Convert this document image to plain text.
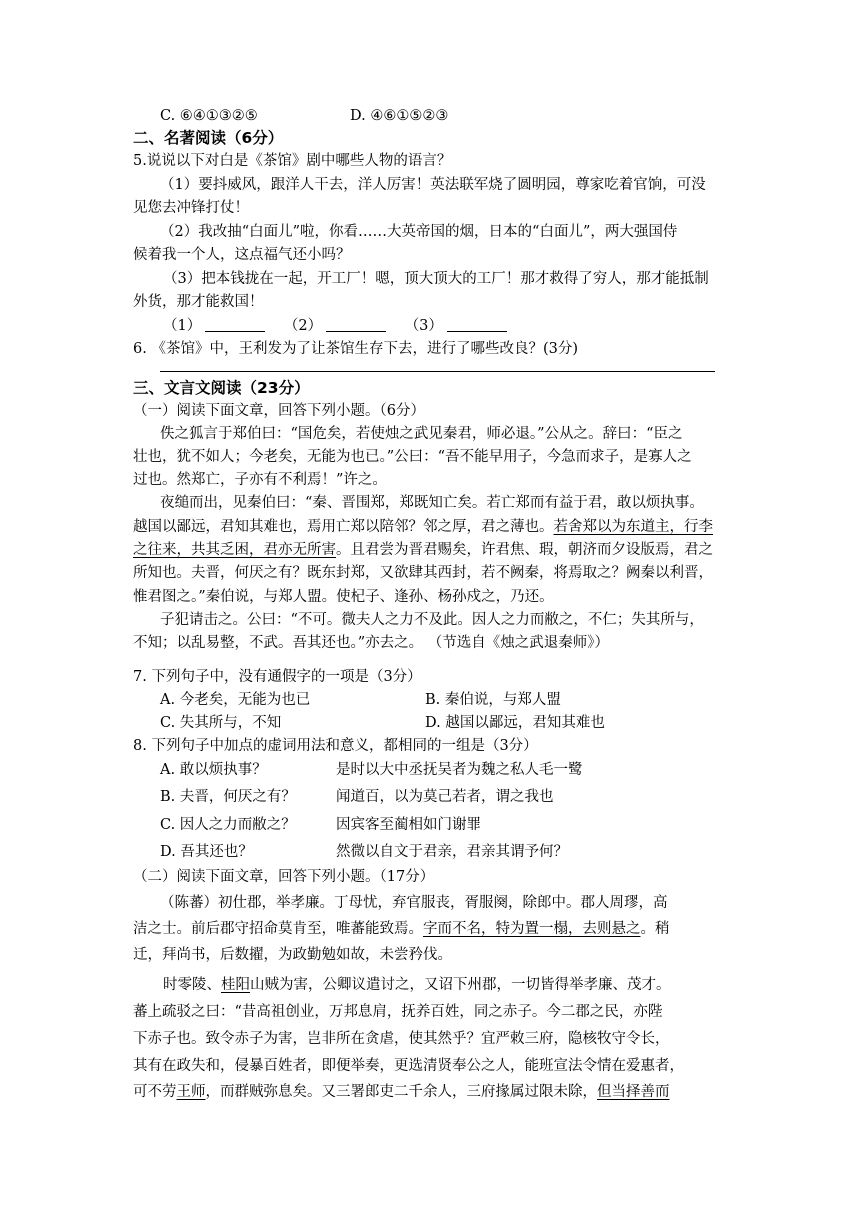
C. ⑥④①③②⑤	D. ④⑥①⑤②③
二、名著阅读（6分）
5.说说以下对白是《茶馆》剧中哪些人物的语言？
（1）要抖威风，跟洋人干去，洋人厉害！英法联军烧了圆明园，尊家吃着官饷，可没
见您去冲锋打仗！
（2）我改抽“白面儿”啦，你看……大英帝国的烟，日本的“白面儿”，两大强国侍
候着我一个人，这点福气还小吗？
（3）把本钱拢在一起，开工厂！嗯，顶大顶大的工厂！那才救得了穷人，那才能抵制
外货，那才能救国！
（1）	（2）	（3）
6. 《茶馆》中，王利发为了让茶馆生存下去，进行了哪些改良？(3分)
三、文言文阅读（23分）
（一）阅读下面文章，回答下列小题。（6分）
佚之狐言于郑伯曰：“国危矣，若使烛之武见秦君，师必退。”公从之。辞曰：“臣之
壮也，犹不如人；今老矣，无能为也已。”公曰：“吾不能早用子，今急而求子，是寡人之
过也。然郑亡，子亦有不利焉！”许之。
夜缒而出，见秦伯曰：“秦、晋围郑，郑既知亡矣。若亡郑而有益于君，敢以烦执事。
越国以鄙远，君知其难也，焉用亡郑以陪邻？邻之厚，君之薄也。若舍郑以为东道主，行李
之往来，共其乏困，君亦无所害。且君尝为晋君赐矣，许君焦、瑕，朝济而夕设版焉，君之
所知也。夫晋，何厌之有？既东封郑，又欲肆其西封，若不阙秦，将焉取之？阙秦以利晋，
惟君图之。”秦伯说，与郑人盟。使杞子、逢孙、杨孙戍之，乃还。
子犯请击之。公曰：“不可。微夫人之力不及此。因人之力而敝之，不仁；失其所与，
不知；以乱易整，不武。吾其还也。”亦去之。 （节选自《烛之武退秦师》）
7. 下列句子中，没有通假字的一项是（3分）
A. 今老矣，无能为也已	B. 秦伯说，与郑人盟
C. 失其所与，不知	D. 越国以鄙远，君知其难也
8. 下列句子中加点的虚词用法和意义，都相同的一组是（3分）
A. 敢以烦执事？	是时以大中丞抚吴者为魏之私人毛一鹭
B. 夫晋，何厌之有？	闻道百，以为莫己若者，谓之我也
C. 因人之力而敝之？	因宾客至蔺相如门谢罪
D. 吾其还也？	然微以自文于君亲，君亲其谓予何？
（二）阅读下面文章，回答下列小题。（17分）
（陈蕃）初仕郡，举孝廉。丁母忧，弃官服丧，胥服阕，除郎中。郡人周璆，高
洁之士。前后郡守招命莫肯至，唯蕃能致焉。字而不名，特为置一榻，去则悬之。稍
迁，拜尚书，后数擢，为政勤勉如故，未尝矜伐。
时零陵、桂阳山贼为害，公卿议遣讨之，又诏下州郡，一切皆得举孝廉、茂才。
蕃上疏驳之曰：“昔高祖创业，万邦息肩，抚养百姓，同之赤子。今二郡之民，亦陛
下赤子也。致令赤子为害，岂非所在贪虐，使其然乎？宜严敕三府，隐核牧守令长，
其有在政失和，侵暴百姓者，即便举奏，更选清贤奉公之人，能班宣法令情在爱惠者，
可不劳王师，而群贼弥息矣。又三署郎吏二千余人，三府掾属过限未除，但当择善而
